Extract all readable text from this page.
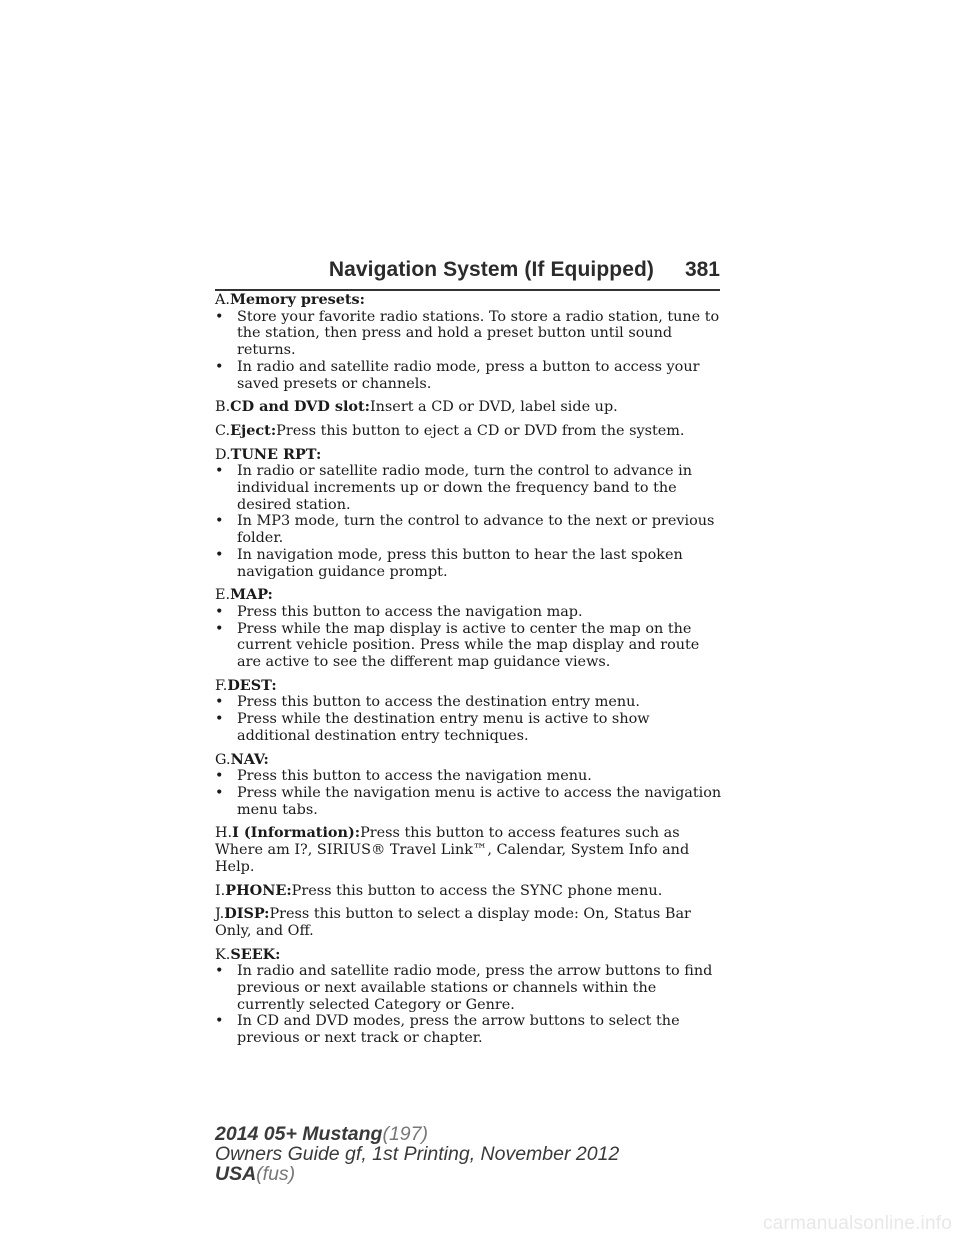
Navigation System (If Equipped)	381

A.Memory presets:

• Store your favorite radio stations. To store a radio station, tune to the station, then press and hold a preset button until sound returns.
• In radio and satellite radio mode, press a button to access your saved presets or channels.

B.CD and DVD slot:Insert a CD or DVD, label side up.

C.Eject:Press this button to eject a CD or DVD from the system.

D.TUNE RPT:

• In radio or satellite radio mode, turn the control to advance in individual increments up or down the frequency band to the desired station.
• In MP3 mode, turn the control to advance to the next or previous folder.
• In navigation mode, press this button to hear the last spoken navigation guidance prompt.

E.MAP:

• Press this button to access the navigation map.
• Press while the map display is active to center the map on the current vehicle position. Press while the map display and route are active to see the different map guidance views.

F.DEST:

• Press this button to access the destination entry menu.
• Press while the destination entry menu is active to show additional destination entry techniques.

G.NAV:

• Press this button to access the navigation menu.
• Press while the navigation menu is active to access the navigation menu tabs.

H.I (Information):Press this button to access features such as Where am I?, SIRIUS® Travel Link™, Calendar, System Info and Help.

I.PHONE:Press this button to access the SYNC phone menu.

J.DISP:Press this button to select a display mode: On, Status Bar Only, and Off.

K.SEEK:

• In radio and satellite radio mode, press the arrow buttons to find previous or next available stations or channels within the currently selected Category or Genre.
• In CD and DVD modes, press the arrow buttons to select the previous or next track or chapter.
2014 05+ Mustang(197)
Owners Guide gf, 1st Printing, November 2012
USA(fus)
carmanualsonline.info
